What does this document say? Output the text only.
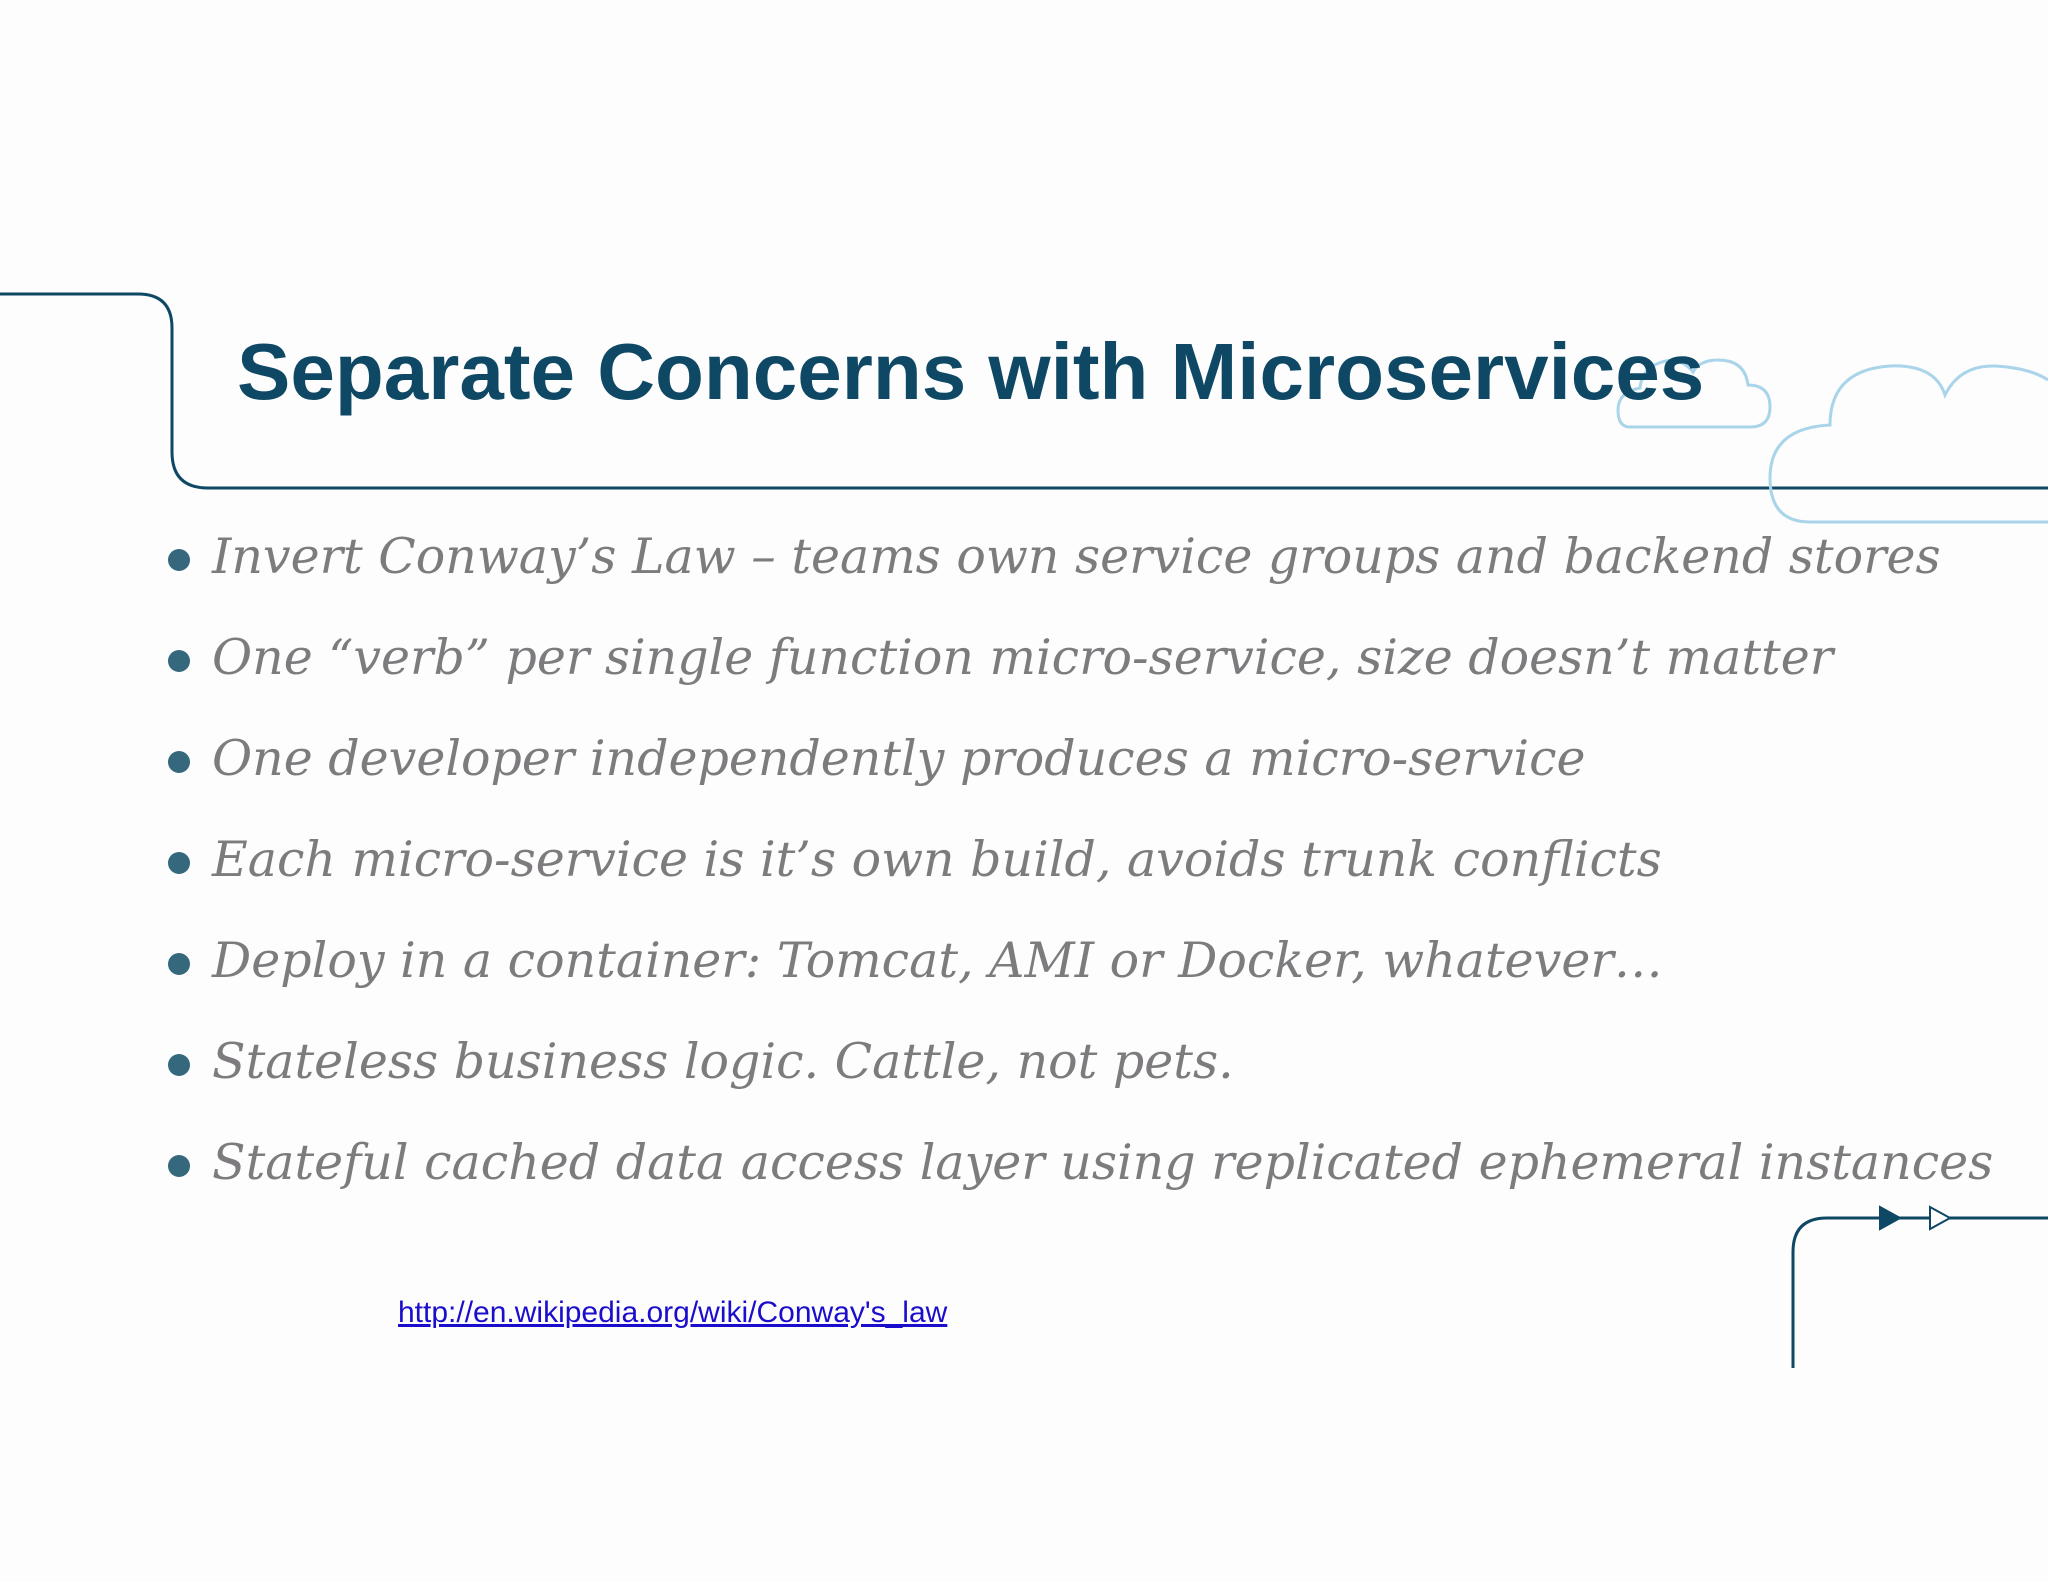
Separate Concerns with Microservices
Invert Conway’s Law – teams own service groups and backend stores
One “verb” per single function micro-service, size doesn’t matter
One developer independently produces a micro-service
Each micro-service is it’s own build, avoids trunk conflicts
Deploy in a container: Tomcat, AMI or Docker, whatever…
Stateless business logic. Cattle, not pets.
Stateful cached data access layer using replicated ephemeral instances
http://en.wikipedia.org/wiki/Conway's_law
